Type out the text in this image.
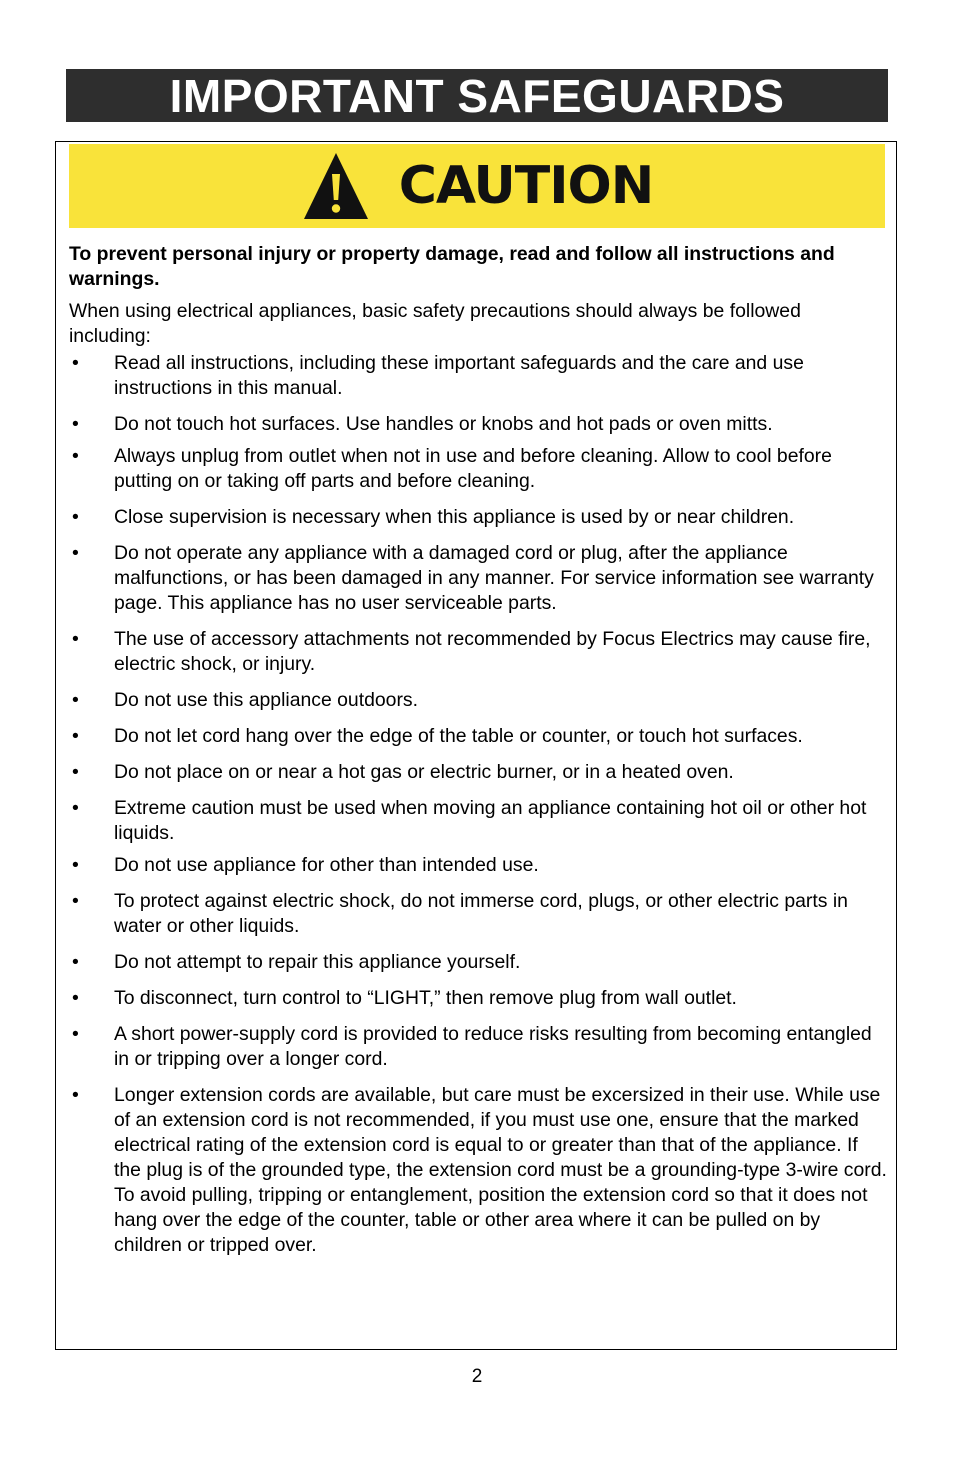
IMPORTANT SAFEGUARDS
CAUTION

To prevent personal injury or property damage, read and follow all instructions and warnings.

When using electrical appliances, basic safety precautions should always be followed including:

• Read all instructions, including these important safeguards and the care and use instructions in this manual.
• Do not touch hot surfaces. Use handles or knobs and hot pads or oven mitts.
• Always unplug from outlet when not in use and before cleaning. Allow to cool before putting on or taking off parts and before cleaning.
• Close supervision is necessary when this appliance is used by or near children.
• Do not operate any appliance with a damaged cord or plug, after the appliance malfunctions, or has been damaged in any manner. For service information see warranty page. This appliance has no user serviceable parts.
• The use of accessory attachments not recommended by Focus Electrics may cause fire, electric shock, or injury.
• Do not use this appliance outdoors.
• Do not let cord hang over the edge of the table or counter, or touch hot surfaces.
• Do not place on or near a hot gas or electric burner, or in a heated oven.
• Extreme caution must be used when moving an appliance containing hot oil or other hot liquids.
• Do not use appliance for other than intended use.
• To protect against electric shock, do not immerse cord, plugs, or other electric parts in water or other liquids.
• Do not attempt to repair this appliance yourself.
• To disconnect, turn control to “LIGHT,” then remove plug from wall outlet.
• A short power-supply cord is provided to reduce risks resulting from becoming entangled in or tripping over a longer cord.
• Longer extension cords are available, but care must be excersized in their use. While use of an extension cord is not recommended, if you must use one, ensure that the marked electrical rating of the extension cord is equal to or greater than that of the appliance. If the plug is of the grounded type, the extension cord must be a grounding-type 3-wire cord. To avoid pulling, tripping or entanglement, position the extension cord so that it does not hang over the edge of the counter, table or other area where it can be pulled on by children or tripped over.
2
